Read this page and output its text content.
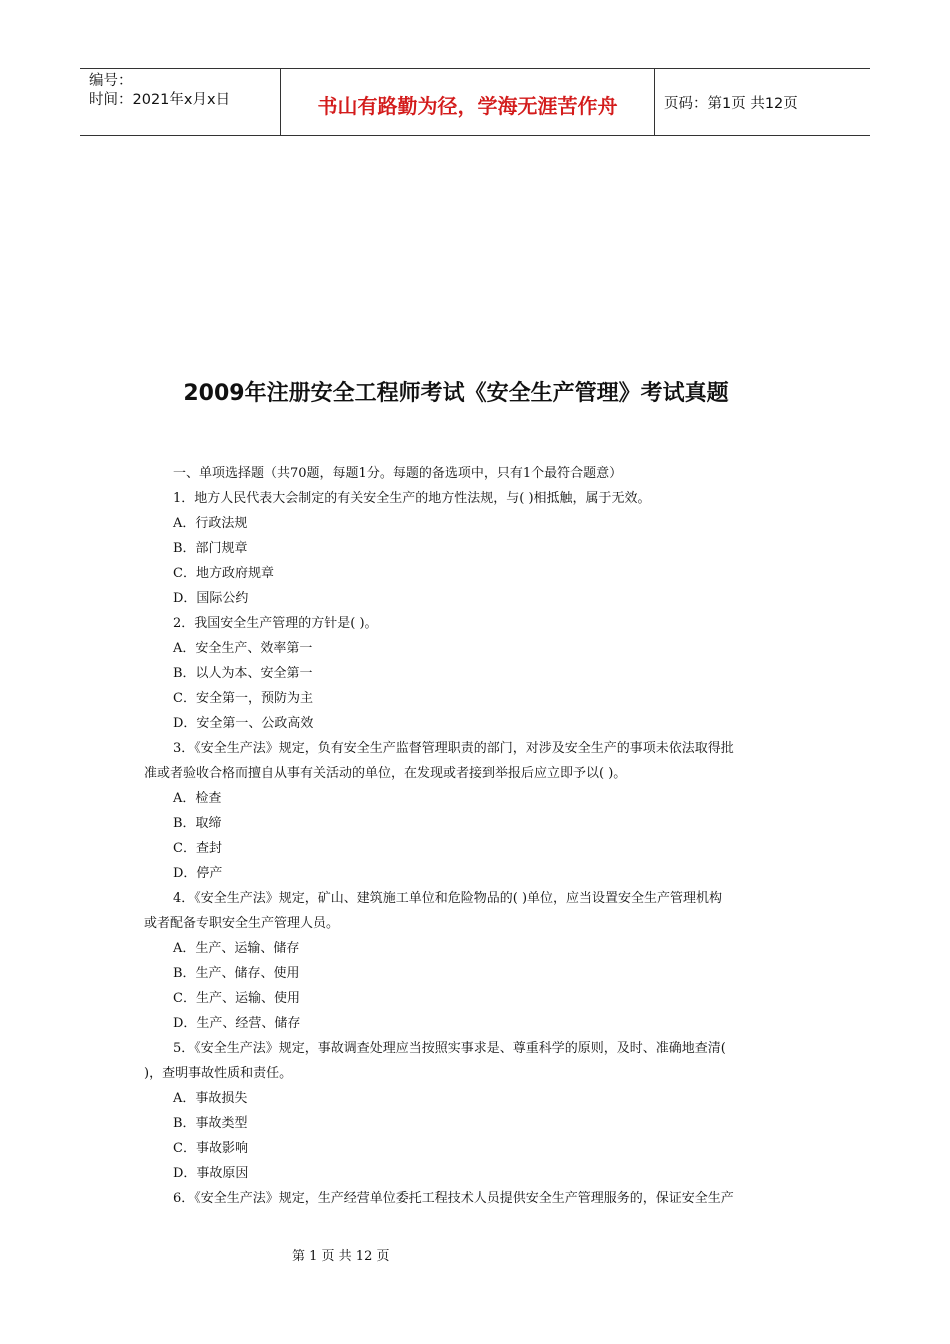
编号：
时间：2021年x月x日	书山有路勤为径，学海无涯苦作舟	页码：第1页 共12页
2009年注册安全工程师考试《安全生产管理》考试真题

一、单项选择题（共70题，每题1分。每题的备选项中，只有1个最符合题意）

1．地方人民代表大会制定的有关安全生产的地方性法规，与( )相抵触，属于无效。

A．行政法规

B．部门规章

C．地方政府规章

D．国际公约

2．我国安全生产管理的方针是( )。

A．安全生产、效率第一

B．以人为本、安全第一

C．安全第一，预防为主

D．安全第一、公政高效

3．《安全生产法》规定，负有安全生产监督管理职责的部门，对涉及安全生产的事项未依法取得批

准或者验收合格而擅自从事有关活动的单位，在发现或者接到举报后应立即予以( )。

A．检查

B．取缔

C．查封

D．停产

4．《安全生产法》规定，矿山、建筑施工单位和危险物品的( )单位，应当设置安全生产管理机构

或者配备专职安全生产管理人员。

A．生产、运输、储存

B．生产、储存、使用

C．生产、运输、使用

D．生产、经营、储存

5．《安全生产法》规定，事故调查处理应当按照实事求是、尊重科学的原则，及时、准确地查清(

)，查明事故性质和责任。

A．事故损失

B．事故类型

C．事故影响

D．事故原因

6．《安全生产法》规定，生产经营单位委托工程技术人员提供安全生产管理服务的，保证安全生产

第 1 页 共 12 页
